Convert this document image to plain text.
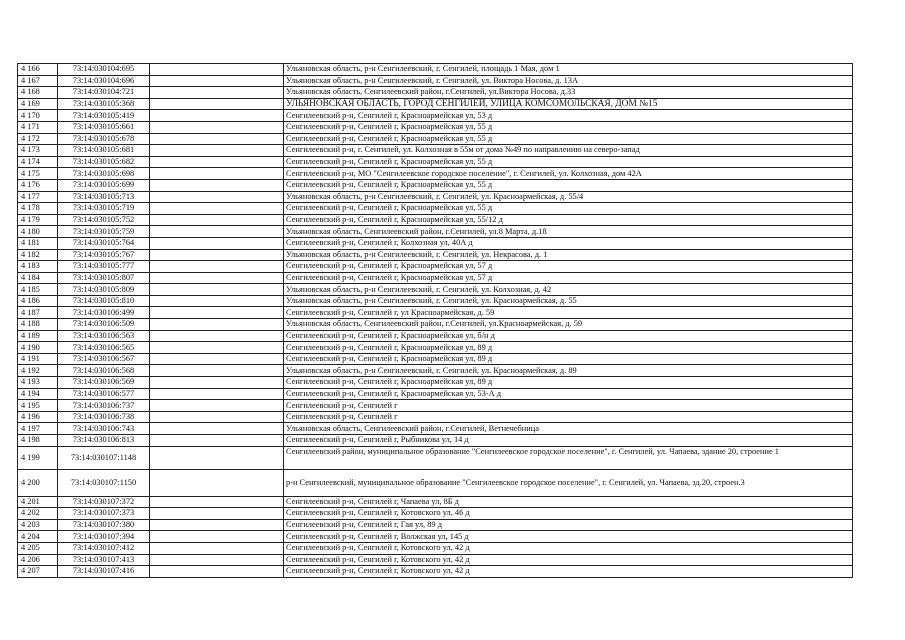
4 166	73:14:030104:695		Ульяновская область, р-н Сенгилеевский, г. Сенгилей, площадь 1 Мая, дом 1
4 167	73:14:030104:696		Ульяновская область, р-н Сенгилеевский, г. Сенгилей, ул. Виктора Носова, д. 13А
4 168	73:14:030104:721		Ульяновская область, Сенгилеевский район, г.Сенгилей, ул.Виктора Носова, д.33
4 169	73:14:030105:368		УЛЬЯНОВСКАЯ ОБЛАСТЬ, ГОРОД СЕНГИЛЕЙ, УЛИЦА КОМСОМОЛЬСКАЯ, ДОМ №15
4 170	73:14:030105:419		Сенгилеевский р-н, Сенгилей г, Красноармейская ул, 53 д
4 171	73:14:030105:661		Сенгилеевский р-н, Сенгилей г, Красноармейская ул, 55 д
4 172	73:14:030105:678		Сенгилеевский р-н, Сенгилей г, Красноармейская ул, 55 д
4 173	73:14:030105:681		Сенгилеевский р-н, г. Сенгилей, ул. Колхозная в 55м от дома №49 по направлению на северо-запад
4 174	73:14:030105:682		Сенгилеевский р-н, Сенгилей г, Красноармейская ул, 55 д
4 175	73:14:030105:698		Сенгилеевский р-н, МО "Сенгилеевское городское поселение", г. Сенгилей, ул. Колхозная, дом 42А
4 176	73:14:030105:699		Сенгилеевский р-н, Сенгилей г, Красноармейская ул, 55 д
4 177	73:14:030105:713		Ульяновская область, р-н Сенгилеевский, г. Сенгилей, ул. Красноармейская, д. 55/4
4 178	73:14:030105:719		Сенгилеевский р-н, Сенгилей г, Красноармейская ул, 55 д
4 179	73:14:030105:752		Сенгилеевский р-н, Сенгилей г, Красноармейская ул, 55/12 д
4 180	73:14:030105:759		Ульяновская область, Сенгилеевский район, г.Сенгилей, ул.8 Марта, д.18
4 181	73:14:030105:764		Сенгилеевский р-н, Сенгилей г, Колхозная ул, 40А д
4 182	73:14:030105:767		Ульяновская область, р-н Сенгилеевский, г. Сенгилей, ул. Некрасова, д. 1
4 183	73:14:030105:777		Сенгилеевский р-н, Сенгилей г, Красноармейская ул, 57 д
4 184	73:14:030105:807		Сенгилеевский р-н, Сенгилей г, Красноармейская ул, 57 д
4 185	73:14:030105:809		Ульяновская область, р-н Сенгилеевский, г. Сенгилей, ул. Колхозная, д. 42
4 186	73:14:030105:810		Ульяновская область, р-н Сенгилеевский, г. Сенгилей, ул. Красноармейская, д. 55
4 187	73:14:030106:499		Сенгилеевский р-н, Сенгилей г, ул Красноармейская, д. 59
4 188	73:14:030106:509		Ульяновская область, Сенгилеевский район, г.Сенгилей, ул.Красноармейская, д. 59
4 189	73:14:030106:563		Сенгилеевский р-н, Сенгилей г, Красноармейская ул, б/н д
4 190	73:14:030106:565		Сенгилеевский р-н, Сенгилей г, Красноармейская ул, 89 д
4 191	73:14:030106:567		Сенгилеевский р-н, Сенгилей г, Красноармейская ул, 89 д
4 192	73:14:030106:568		Ульяновская область, р-н Сенгилеевский, г. Сенгилей, ул. Красноармейская, д. 89
4 193	73:14:030106:569		Сенгилеевский р-н, Сенгилей г, Красноармейская ул, 89 д
4 194	73:14:030106:577		Сенгилеевский р-н, Сенгилей г, Красноармейская ул, 53-А д
4 195	73:14:030106:737		Сенгилеевский р-н, Сенгилей г
4 196	73:14:030106:738		Сенгилеевский р-н, Сенгилей г
4 197	73:14:030106:743		Ульяновская область, Сенгилеевский район, г.Сенгилей, Ветнечебница
4 198	73:14:030106:813		Сенгилеевский р-н, Сенгилей г, Рыбникова ул, 14 д
4 199	73:14:030107:1148		Сенгилеевский район, муниципальное образование "Сенгилеевское городское поселение", г. Сенгилей, ул. Чапаева, здание 20, строение 1
4 200	73:14:030107:1150		р-н Сенгилеевский, муниципальное образование "Сенгилеевское городское поселение", г. Сенгилей, ул. Чапаева, зд.20, строен.3
4 201	73:14:030107:372		Сенгилеевский р-н, Сенгилей г, Чапаева ул, 8Б д
4 202	73:14:030107:373		Сенгилеевский р-н, Сенгилей г, Котовского ул, 46 д
4 203	73:14:030107:380		Сенгилеевский р-н, Сенгилей г, Гая ул, 89 д
4 204	73:14:030107:394		Сенгилеевский р-н, Сенгилей г, Волжская ул, 145 д
4 205	73:14:030107:412		Сенгилеевский р-н, Сенгилей г, Котовского ул, 42 д
4 206	73:14:030107:413		Сенгилеевский р-н, Сенгилей г, Котовского ул, 42 д
4 207	73:14:030107:416		Сенгилеевский р-н, Сенгилей г, Котовского ул, 42 д
